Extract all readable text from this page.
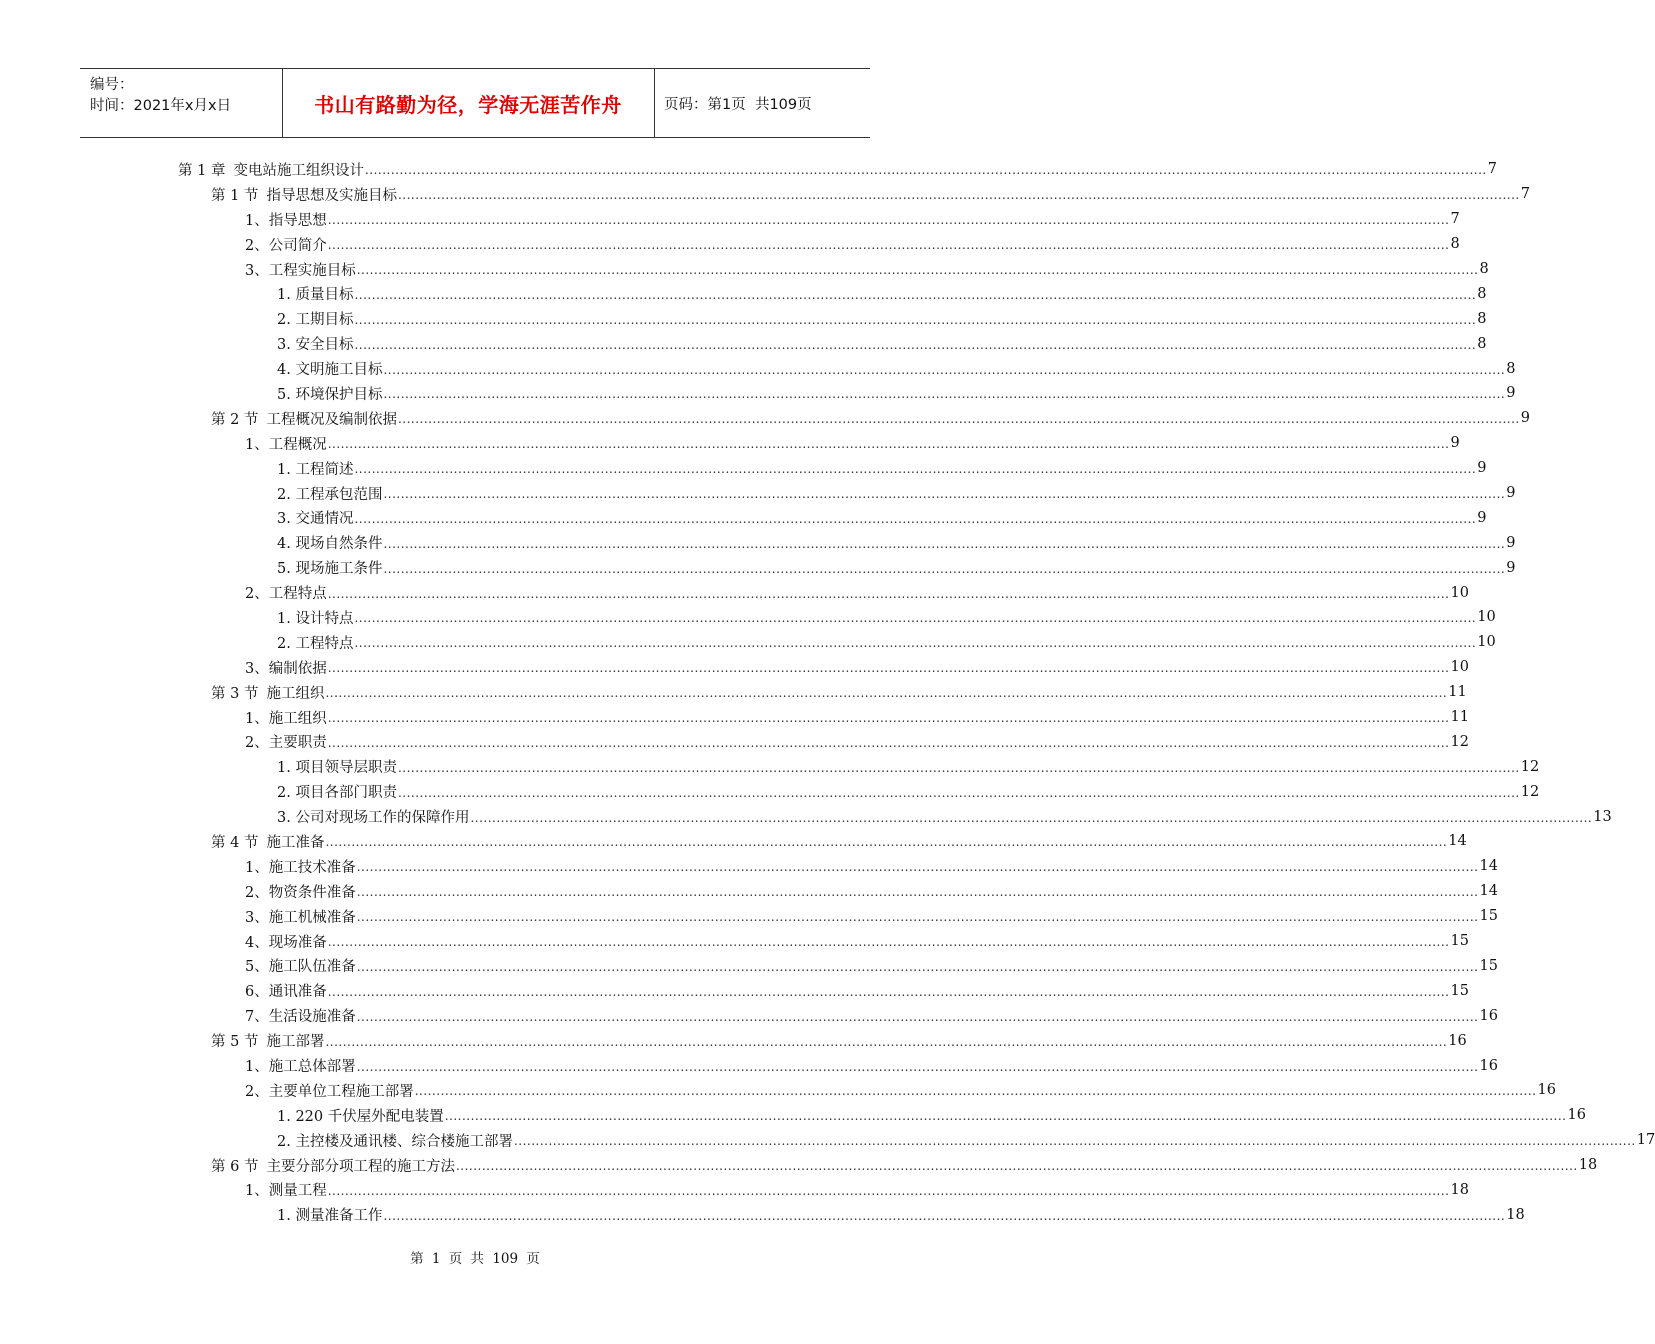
编号：
时间：2021年x月x日	书山有路勤为径，学海无涯苦作舟	页码：第1页  共109页
第 1 章 变电站施工组织设计 .................................................................................................................................................................................................................................................................... 7
第 1 节 指导思想及实施目标 .................................................................................................................................................................................................................................................................... 7
1、 指导思想 .................................................................................................................................................................................................................................................................... 7
2、 公司简介 .................................................................................................................................................................................................................................................................... 8
3、 工程实施目标 .................................................................................................................................................................................................................................................................... 8
1. 质量目标 .................................................................................................................................................................................................................................................................... 8
2. 工期目标 .................................................................................................................................................................................................................................................................... 8
3. 安全目标 .................................................................................................................................................................................................................................................................... 8
4. 文明施工目标 .................................................................................................................................................................................................................................................................... 8
5. 环境保护目标 .................................................................................................................................................................................................................................................................... 9
第 2 节 工程概况及编制依据 .................................................................................................................................................................................................................................................................... 9
1、 工程概况 .................................................................................................................................................................................................................................................................... 9
1. 工程简述 .................................................................................................................................................................................................................................................................... 9
2. 工程承包范围 .................................................................................................................................................................................................................................................................... 9
3. 交通情况 .................................................................................................................................................................................................................................................................... 9
4. 现场自然条件 .................................................................................................................................................................................................................................................................... 9
5. 现场施工条件 .................................................................................................................................................................................................................................................................... 9
2、 工程特点 .................................................................................................................................................................................................................................................................... 10
1. 设计特点 .................................................................................................................................................................................................................................................................... 10
2. 工程特点 .................................................................................................................................................................................................................................................................... 10
3、 编制依据 .................................................................................................................................................................................................................................................................... 10
第 3 节 施工组织 .................................................................................................................................................................................................................................................................... 11
1、 施工组织 .................................................................................................................................................................................................................................................................... 11
2、 主要职责 .................................................................................................................................................................................................................................................................... 12
1. 项目领导层职责 .................................................................................................................................................................................................................................................................... 12
2. 项目各部门职责 .................................................................................................................................................................................................................................................................... 12
3. 公司对现场工作的保障作用 .................................................................................................................................................................................................................................................................... 13
第 4 节 施工准备 .................................................................................................................................................................................................................................................................... 14
1、 施工技术准备 .................................................................................................................................................................................................................................................................... 14
2、 物资条件准备 .................................................................................................................................................................................................................................................................... 14
3、 施工机械准备 .................................................................................................................................................................................................................................................................... 15
4、 现场准备 .................................................................................................................................................................................................................................................................... 15
5、 施工队伍准备 .................................................................................................................................................................................................................................................................... 15
6、 通讯准备 .................................................................................................................................................................................................................................................................... 15
7、 生活设施准备 .................................................................................................................................................................................................................................................................... 16
第 5 节 施工部署 .................................................................................................................................................................................................................................................................... 16
1、 施工总体部署 .................................................................................................................................................................................................................................................................... 16
2、 主要单位工程施工部署 .................................................................................................................................................................................................................................................................... 16
1. 220 千伏屋外配电装置 .................................................................................................................................................................................................................................................................... 16
2. 主控楼及通讯楼、综合楼施工部署 .................................................................................................................................................................................................................................................................... 17
第 6 节 主要分部分项工程的施工方法 .................................................................................................................................................................................................................................................................... 18
1、 测量工程 .................................................................................................................................................................................................................................................................... 18
1. 测量准备工作 .................................................................................................................................................................................................................................................................... 18
第 1 页 共 109 页
